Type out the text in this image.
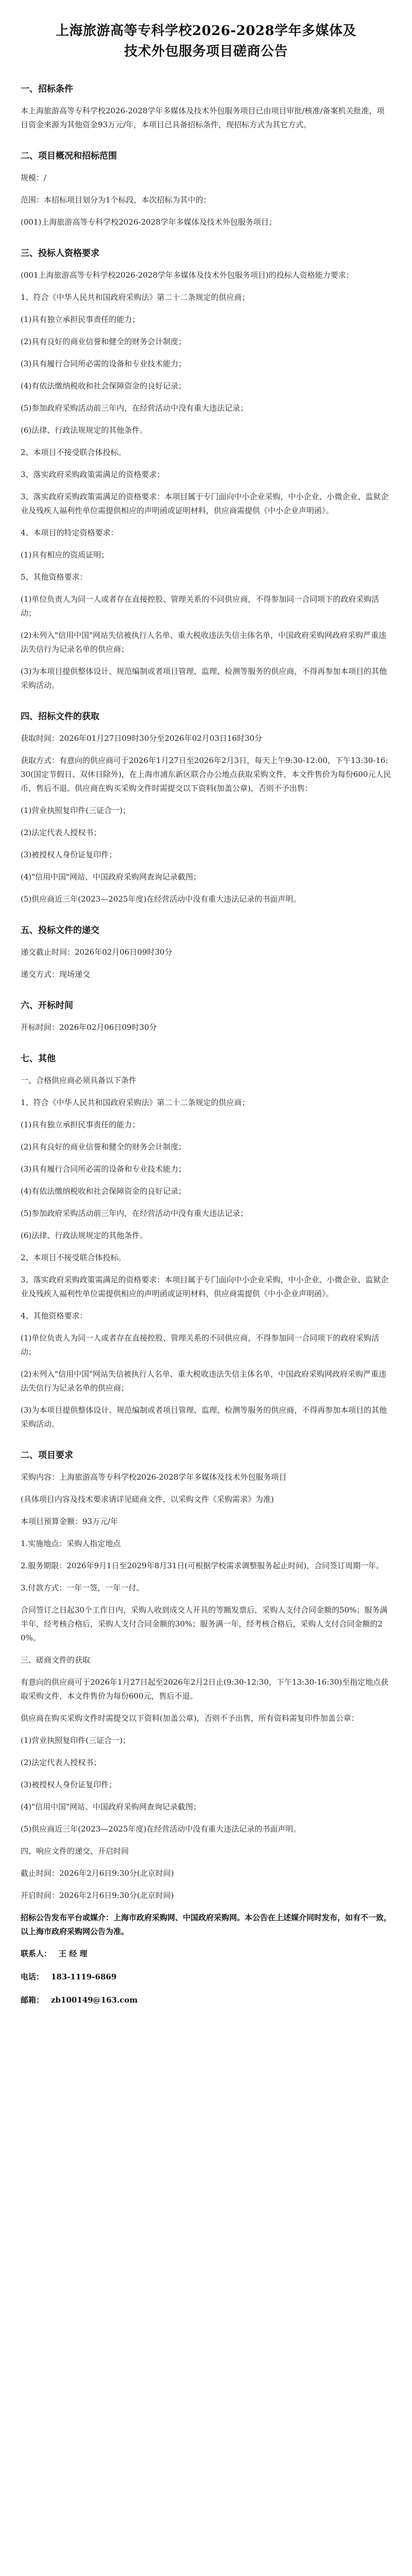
上海旅游高等专科学校2026-2028学年多媒体及
技术外包服务项目磋商公告
一、招标条件
本上海旅游高等专科学校2026-2028学年多媒体及技术外包服务项目已由项目审批/核准/备案机关批准，项目资金来源为其他资金93万元/年，本项目已具备招标条件，现招标方式为其它方式。
二、项目概况和招标范围
规模：/
范围：本招标项目划分为1个标段，本次招标为其中的：
(001)上海旅游高等专科学校2026-2028学年多媒体及技术外包服务项目；
三、投标人资格要求
(001上海旅游高等专科学校2026-2028学年多媒体及技术外包服务项目)的投标人资格能力要求：
1、符合《中华人民共和国政府采购法》第二十二条规定的供应商；
(1)具有独立承担民事责任的能力；
(2)具有良好的商业信誉和健全的财务会计制度；
(3)具有履行合同所必需的设备和专业技术能力；
(4)有依法缴纳税收和社会保障资金的良好记录；
(5)参加政府采购活动前三年内，在经营活动中没有重大违法记录；
(6)法律、行政法规规定的其他条件。
2、本项目不接受联合体投标。
3、落实政府采购政策需满足的资格要求：
3、落实政府采购政策需满足的资格要求：本项目属于专门面向中小企业采购，中小企业、小微企业、监狱企业及残疾人福利性单位需提供相应的声明函或证明材料，供应商需提供《中小企业声明函》。
4、本项目的特定资格要求：
(1)具有相应的资质证明；
5、其他资格要求：
(1)单位负责人为同一人或者存在直接控股、管理关系的不同供应商，不得参加同一合同项下的政府采购活动；
(2)未列入"信用中国"网站失信被执行人名单、重大税收违法失信主体名单，中国政府采购网政府采购严重违法失信行为记录名单的供应商；
(3)为本项目提供整体设计、规范编制或者项目管理、监理、检测等服务的供应商，不得再参加本项目的其他采购活动。
四、招标文件的获取
获取时间：2026年01月27日09时30分至2026年02月03日16时30分
获取方式：有意向的供应商可于2026年1月27日至2026年2月3日，每天上午9:30-12:00，下午13:30-16:30(国定节假日、双休日除外)，在上海市浦东新区联合办公地点获取采购文件，本文件售价为每份600元人民币，售后不退。供应商在购买采购文件时需提交以下资料(加盖公章)，否则不予出售：
(1)营业执照复印件(三证合一)；
(2)法定代表人授权书；
(3)被授权人身份证复印件；
(4)"信用中国"网站、中国政府采购网查询记录截图；
(5)供应商近三年(2023—2025年度)在经营活动中没有重大违法记录的书面声明。
五、投标文件的递交
递交截止时间：2026年02月06日09时30分
递交方式：现场递交
六、开标时间
开标时间：2026年02月06日09时30分
七、其他
一、合格供应商必须具备以下条件
1、符合《中华人民共和国政府采购法》第二十二条规定的供应商；
(1)具有独立承担民事责任的能力；
(2)具有良好的商业信誉和健全的财务会计制度；
(3)具有履行合同所必需的设备和专业技术能力；
(4)有依法缴纳税收和社会保障资金的良好记录；
(5)参加政府采购活动前三年内，在经营活动中没有重大违法记录；
(6)法律、行政法规规定的其他条件。
2、本项目不接受联合体投标。
3、落实政府采购政策需满足的资格要求：本项目属于专门面向中小企业采购，中小企业、小微企业、监狱企业及残疾人福利性单位需提供相应的声明函或证明材料，供应商需提供《中小企业声明函》。
4、其他资格要求：
(1)单位负责人为同一人或者存在直接控股、管理关系的不同供应商，不得参加同一合同项下的政府采购活动；
(2)未列入"信用中国"网站失信被执行人名单、重大税收违法失信主体名单，中国政府采购网政府采购严重违法失信行为记录名单的供应商；
(3)为本项目提供整体设计、规范编制或者项目管理、监理、检测等服务的供应商，不得再参加本项目的其他采购活动。
二、项目要求
采购内容：上海旅游高等专科学校2026-2028学年多媒体及技术外包服务项目
(具体项目内容及技术要求请详见磋商文件，以采购文件《采购需求》为准)
本项目预算金额：93万元/年
1.实施地点：采购人指定地点
2.服务期限：2026年9月1日至2029年8月31日(可根据学校需求调整服务起止时间)，合同签订周期一年。
3.付款方式：一年一签，一年一付。
合同签订之日起30个工作日内，采购人收到成交人开具的等额发票后，采购人支付合同金额的50%；服务满半年，经考核合格后，采购人支付合同金额的30%；服务满一年，经考核合格后，采购人支付合同金额的20%。
三、磋商文件的获取
有意向的供应商可于2026年1月27日起至2026年2月2日止(9:30-12:30，下午13:30-16:30)至指定地点获取采购文件，本文件售价为每份600元，售后不退。
供应商在购买采购文件时需提交以下资料(加盖公章)，否则不予出售，所有资料需复印件加盖公章：
(1)营业执照复印件(三证合一)；
(2)法定代表人授权书；
(3)被授权人身份证复印件；
(4)"信用中国"网站、中国政府采购网查询记录截图；
(5)供应商近三年(2023—2025年度)在经营活动中没有重大违法记录的书面声明。
四、响应文件的递交、开启时间
截止时间：2026年2月6日9:30分(北京时间)
开启时间：2026年2月6日9:30分(北京时间)
招标公告发布平台或媒介：上海市政府采购网、中国政府采购网。本公告在上述媒介同时发布，如有不一致，以上海市政府采购网公告为准。
联系人： 王 经 理
电话： 183-1119-6869
邮箱： zb100149@163.com
